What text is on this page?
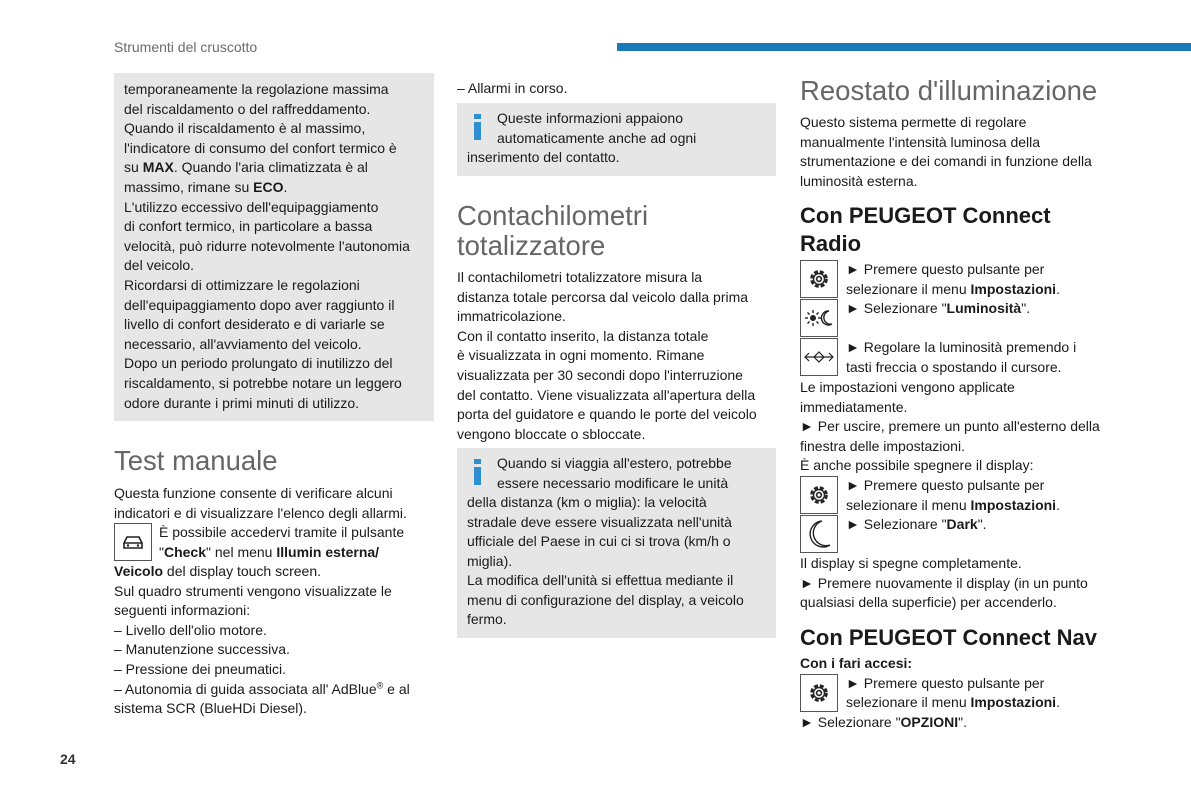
Strumenti del cruscotto
24
temporaneamente la regolazione massima
del riscaldamento o del raffreddamento.
Quando il riscaldamento è al massimo,
l'indicatore di consumo del confort termico è
su MAX. Quando l'aria climatizzata è al
massimo, rimane su ECO.
L'utilizzo eccessivo dell'equipaggiamento
di confort termico, in particolare a bassa
velocità, può ridurre notevolmente l'autonomia
del veicolo.
Ricordarsi di ottimizzare le regolazioni
dell'equipaggiamento dopo aver raggiunto il
livello di confort desiderato e di variarle se
necessario, all'avviamento del veicolo.
Dopo un periodo prolungato di inutilizzo del
riscaldamento, si potrebbe notare un leggero
odore durante i primi minuti di utilizzo.
Test manuale
Questa funzione consente di verificare alcuni
indicatori e di visualizzare l'elenco degli allarmi.
È possibile accedervi tramite il pulsante
"Check" nel menu Illumin esterna/
Veicolo del display touch screen.
Sul quadro strumenti vengono visualizzate le
seguenti informazioni:
– Livello dell'olio motore.
– Manutenzione successiva.
– Pressione dei pneumatici.
– Autonomia di guida associata all' AdBlue® e al
sistema SCR (BlueHDi Diesel).
– Allarmi in corso.
Queste informazioni appaiono
automaticamente anche ad ogni
inserimento del contatto.
Contachilometri
totalizzatore
Il contachilometri totalizzatore misura la
distanza totale percorsa dal veicolo dalla prima
immatricolazione.
Con il contatto inserito, la distanza totale
è visualizzata in ogni momento. Rimane
visualizzata per 30 secondi dopo l'interruzione
del contatto. Viene visualizzata all'apertura della
porta del guidatore e quando le porte del veicolo
vengono bloccate o sbloccate.
Quando si viaggia all'estero, potrebbe
essere necessario modificare le unità
della distanza (km o miglia): la velocità
stradale deve essere visualizzata nell'unità
ufficiale del Paese in cui ci si trova (km/h o
miglia).
La modifica dell'unità si effettua mediante il
menu di configurazione del display, a veicolo
fermo.
Reostato d'illuminazione
Questo sistema permette di regolare
manualmente l'intensità luminosa della
strumentazione e dei comandi in funzione della
luminosità esterna.
Con PEUGEOT Connect
Radio
► Premere questo pulsante per
selezionare il menu Impostazioni.
► Selezionare "Luminosità".
► Regolare la luminosità premendo i
tasti freccia o spostando il cursore.
Le impostazioni vengono applicate
immediatamente.
► Per uscire, premere un punto all'esterno della
finestra delle impostazioni.
È anche possibile spegnere il display:
► Premere questo pulsante per
selezionare il menu Impostazioni.
► Selezionare "Dark".
Il display si spegne completamente.
► Premere nuovamente il display (in un punto
qualsiasi della superficie) per accenderlo.
Con PEUGEOT Connect Nav
Con i fari accesi:
► Premere questo pulsante per
selezionare il menu Impostazioni.
► Selezionare "OPZIONI".
